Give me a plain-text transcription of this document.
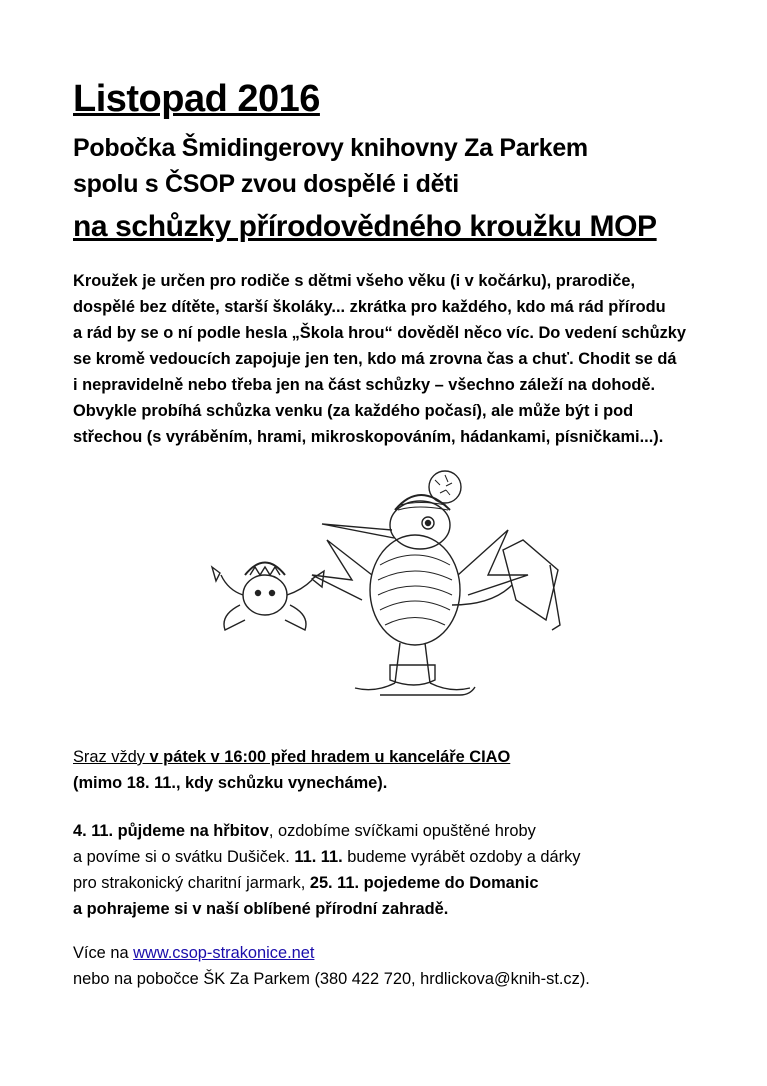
Listopad 2016
Pobočka Šmidingerovy knihovny Za Parkem
spolu s ČSOP zvou dospělé i děti
na schůzky přírodovědného kroužku MOP
Kroužek je určen pro rodiče s dětmi všeho věku (i v kočárku), prarodiče,
dospělé bez dítěte, starší školáky... zkrátka pro každého, kdo má rád přírodu
a rád by se o ní podle hesla „Škola hrou“ dověděl něco víc. Do vedení schůzky
se kromě vedoucích zapojuje jen ten, kdo má zrovna čas a chuť. Chodit se dá
i nepravidelně nebo třeba jen na část schůzky – všechno záleží na dohodě.
Obvykle probíhá schůzka venku (za každého počasí), ale může být i pod
střechou (s vyráběním, hrami, mikroskopováním, hádankami, písničkami...).
Sraz vždy v pátek v 16:00 před hradem u kanceláře CIAO
(mimo 18. 11., kdy schůzku vynecháme).
4. 11. půjdeme na hřbitov, ozdobíme svíčkami opuštěné hroby
a povíme si o svátku Dušiček. 11. 11. budeme vyrábět ozdoby a dárky
pro strakonický charitní jarmark, 25. 11. pojedeme do Domanic
a pohrajeme si v naší oblíbené přírodní zahradě.
Více na www.csop-strakonice.net
nebo na pobočce ŠK Za Parkem (380 422 720, hrdlickova@knih-st.cz).
